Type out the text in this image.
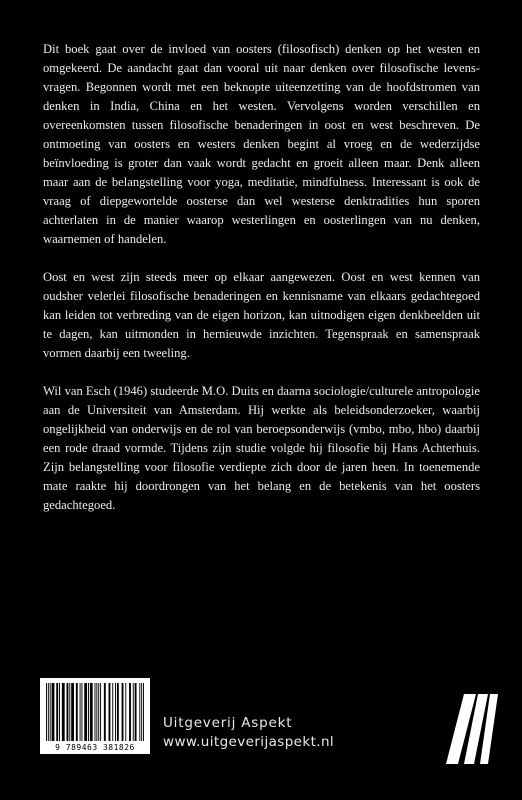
Dit boek gaat over de invloed van oosters (filosofisch) denken op het westen en omgekeerd. De aandacht gaat dan vooral uit naar denken over filosofische levensvragen. Begonnen wordt met een beknopte uiteenzetting van de hoofdstromen van denken in India, China en het westen. Vervolgens worden verschillen en overeenkomsten tussen filosofische benaderingen in oost en west beschreven. De ontmoeting van oosters en westers denken begint al vroeg en de wederzijdse beïnvloeding is groter dan vaak wordt gedacht en groeit alleen maar. Denk alleen maar aan de belangstelling voor yoga, meditatie, mindfulness. Interessant is ook de vraag of diepgewortelde oosterse dan wel westerse denktradities hun sporen achterlaten in de manier waarop westerlingen en oosterlingen van nu denken, waarnemen of handelen.

Oost en west zijn steeds meer op elkaar aangewezen. Oost en west kennen van oudsher velerlei filosofische benaderingen en kennisname van elkaars gedachtegoed kan leiden tot verbreding van de eigen horizon, kan uitnodigen eigen denkbeelden uit te dagen, kan uitmonden in hernieuwde inzichten. Tegenspraak en samenspraak vormen daarbij een tweeling.

Wil van Esch (1946) studeerde M.O. Duits en daarna sociologie/culturele antropologie aan de Universiteit van Amsterdam. Hij werkte als beleidsonderzoeker, waarbij ongelijkheid van onderwijs en de rol van beroepsonderwijs (vmbo, mbo, hbo) daarbij een rode draad vormde. Tijdens zijn studie volgde hij filosofie bij Hans Achterhuis. Zijn belangstelling voor filosofie verdiepte zich door de jaren heen. In toenemende mate raakte hij doordrongen van het belang en de betekenis van het oosters gedachtegoed.

9 789463 381826
Uitgeverij Aspekt
www.uitgeverijaspekt.nl
